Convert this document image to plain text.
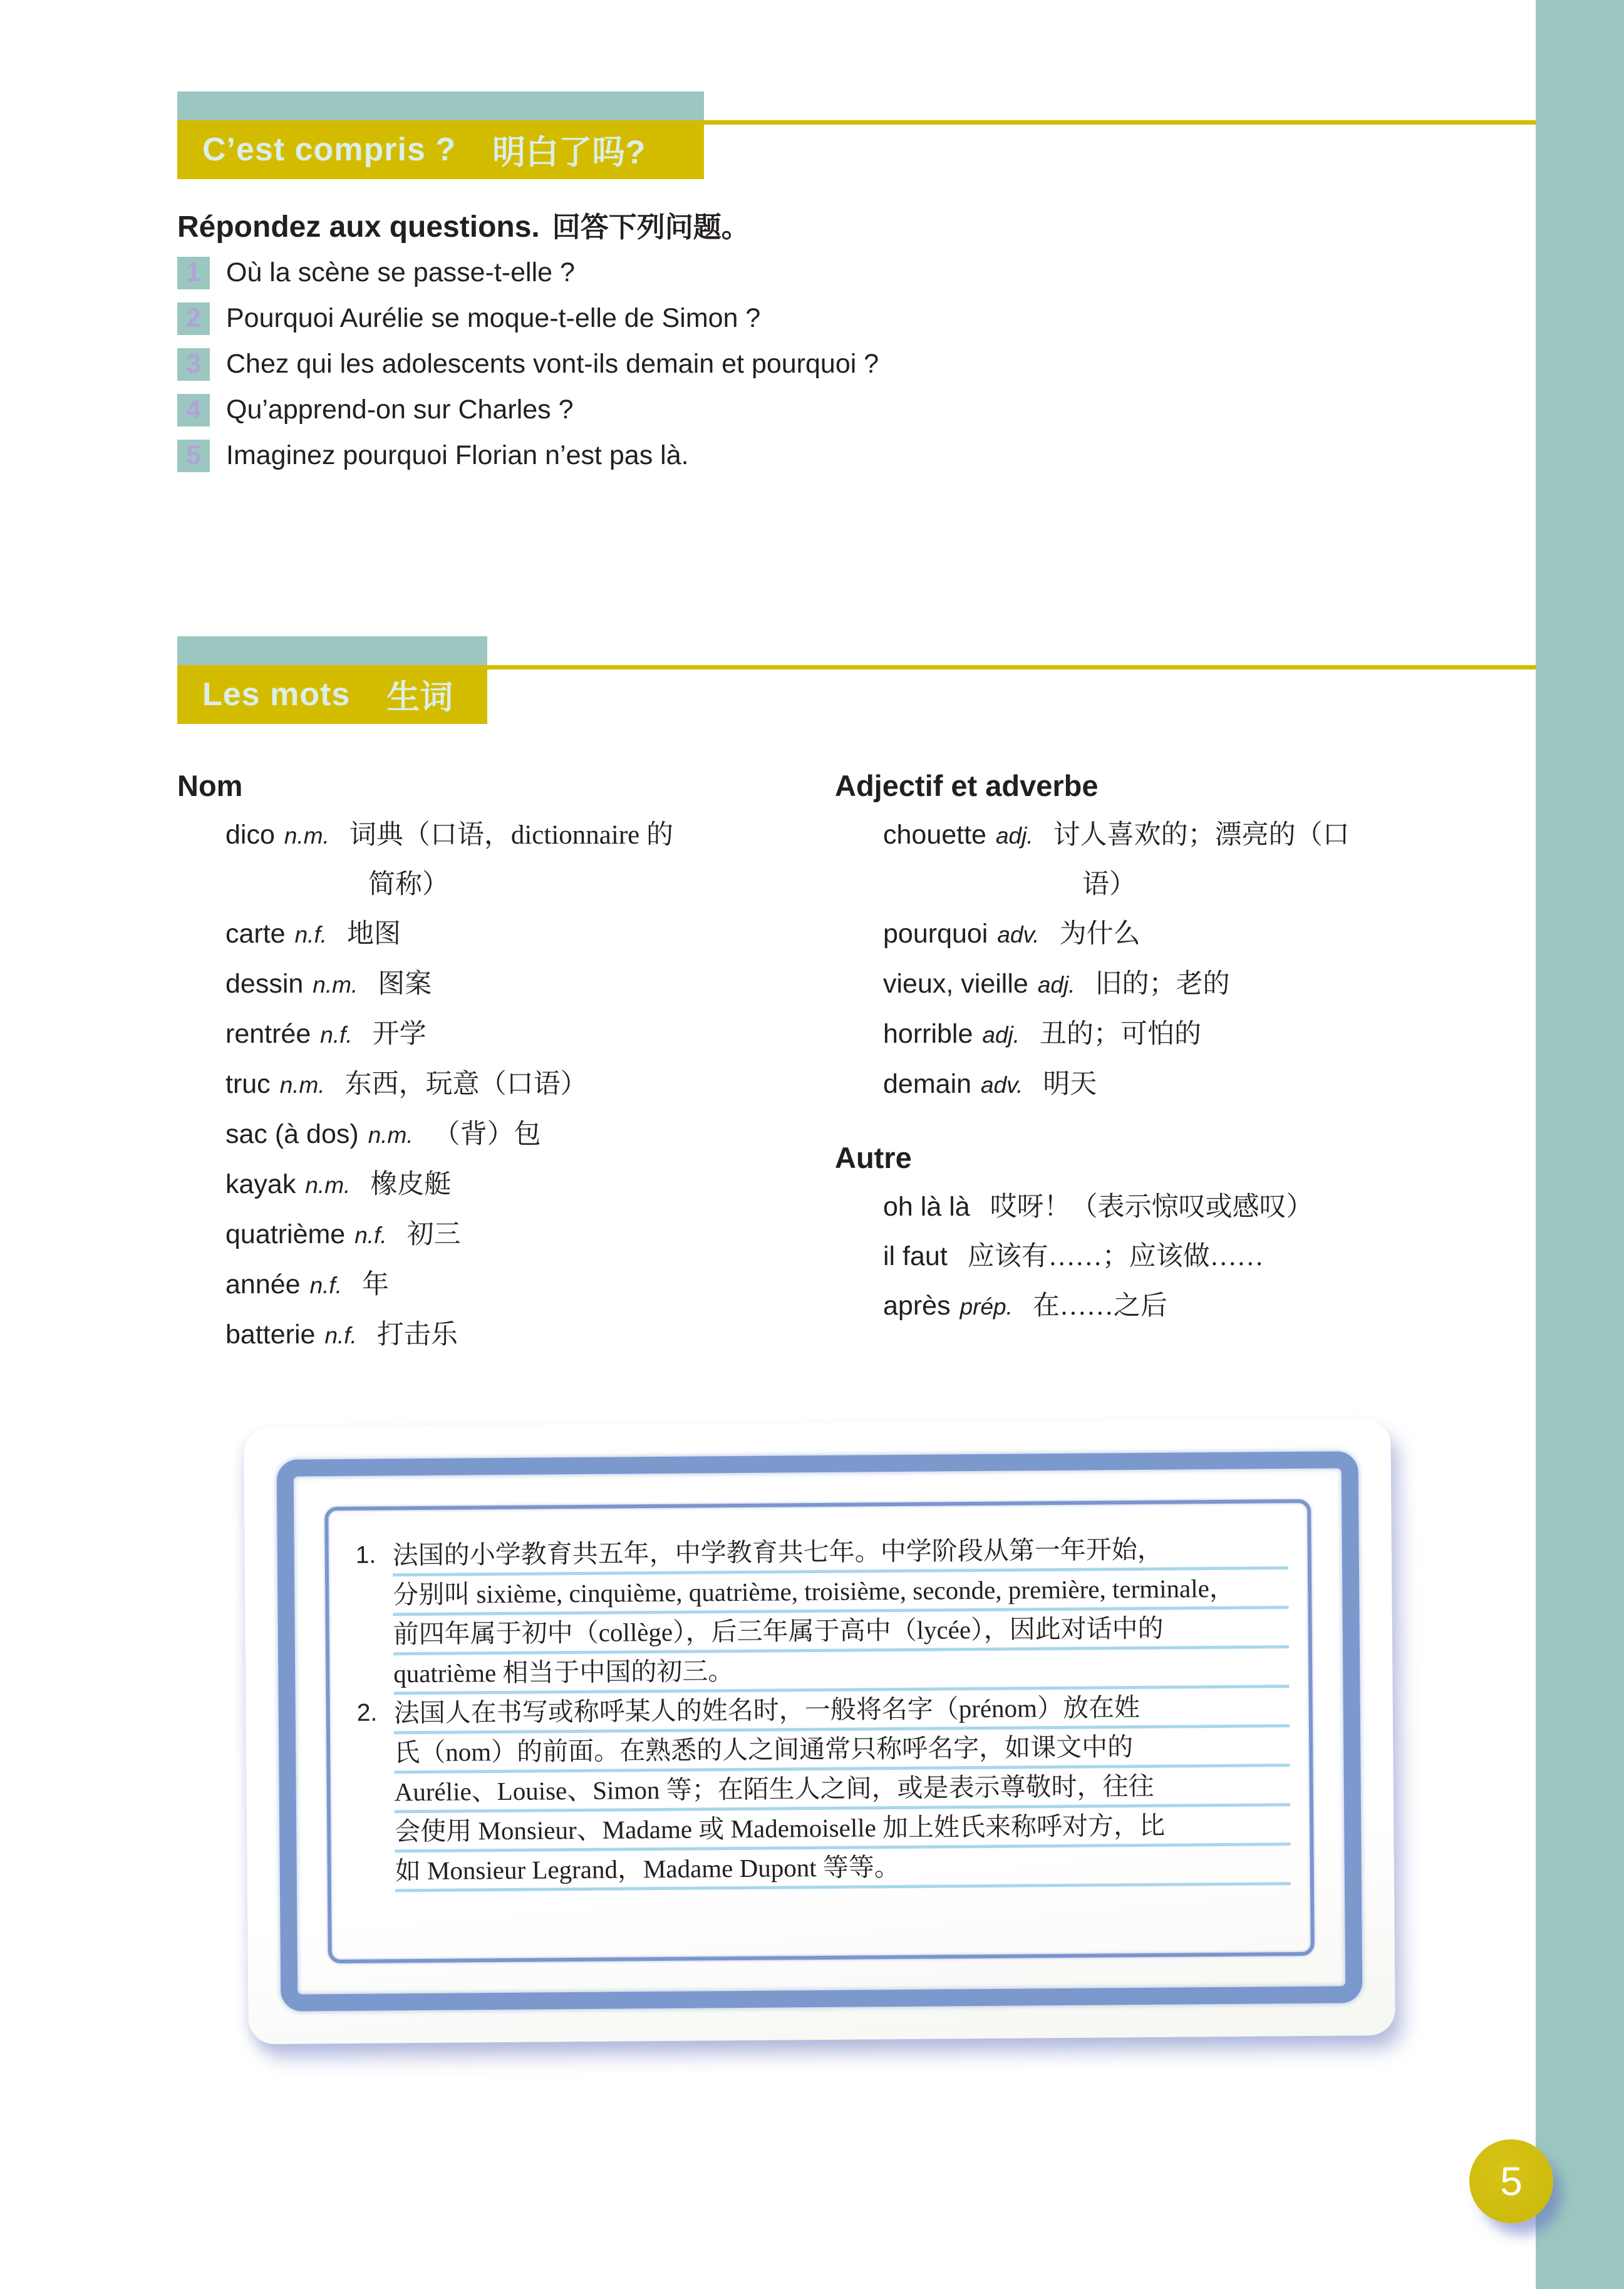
C’est compris ? 明白了吗?
Répondez aux questions. 回答下列问题。
1 Où la scène se passe-t-elle ?
2 Pourquoi Aurélie se moque-t-elle de Simon ?
3 Chez qui les adolescents vont-ils demain et pourquoi ?
4 Qu’apprend-on sur Charles ?
5 Imaginez pourquoi Florian n’est pas là.
Les mots 生词
Nom
dico n.m. 词典（口语，dictionnaire 的
简称）
carte n.f. 地图
dessin n.m. 图案
rentrée n.f. 开学
truc n.m. 东西，玩意（口语）
sac (à dos) n.m. （背）包
kayak n.m. 橡皮艇
quatrième n.f. 初三
année n.f. 年
batterie n.f. 打击乐
Adjectif et adverbe
chouette adj. 讨人喜欢的；漂亮的（口
语）
pourquoi adv. 为什么
vieux, vieille adj. 旧的；老的
horrible adj. 丑的；可怕的
demain adv. 明天
Autre
oh là là 哎呀！（表示惊叹或感叹）
il faut 应该有……；应该做……
après prép. 在……之后
1. 法国的小学教育共五年，中学教育共七年。中学阶段从第一年开始，
分别叫 sixième, cinquième, quatrième, troisième, seconde, première, terminale，
前四年属于初中（collège），后三年属于高中（lycée），因此对话中的
quatrième 相当于中国的初三。
2. 法国人在书写或称呼某人的姓名时，一般将名字（prénom）放在姓
氏（nom）的前面。在熟悉的人之间通常只称呼名字，如课文中的
Aurélie、Louise、Simon 等；在陌生人之间，或是表示尊敬时，往往
会使用 Monsieur、Madame 或 Mademoiselle 加上姓氏来称呼对方，比
如 Monsieur Legrand，Madame Dupont 等等。
5
